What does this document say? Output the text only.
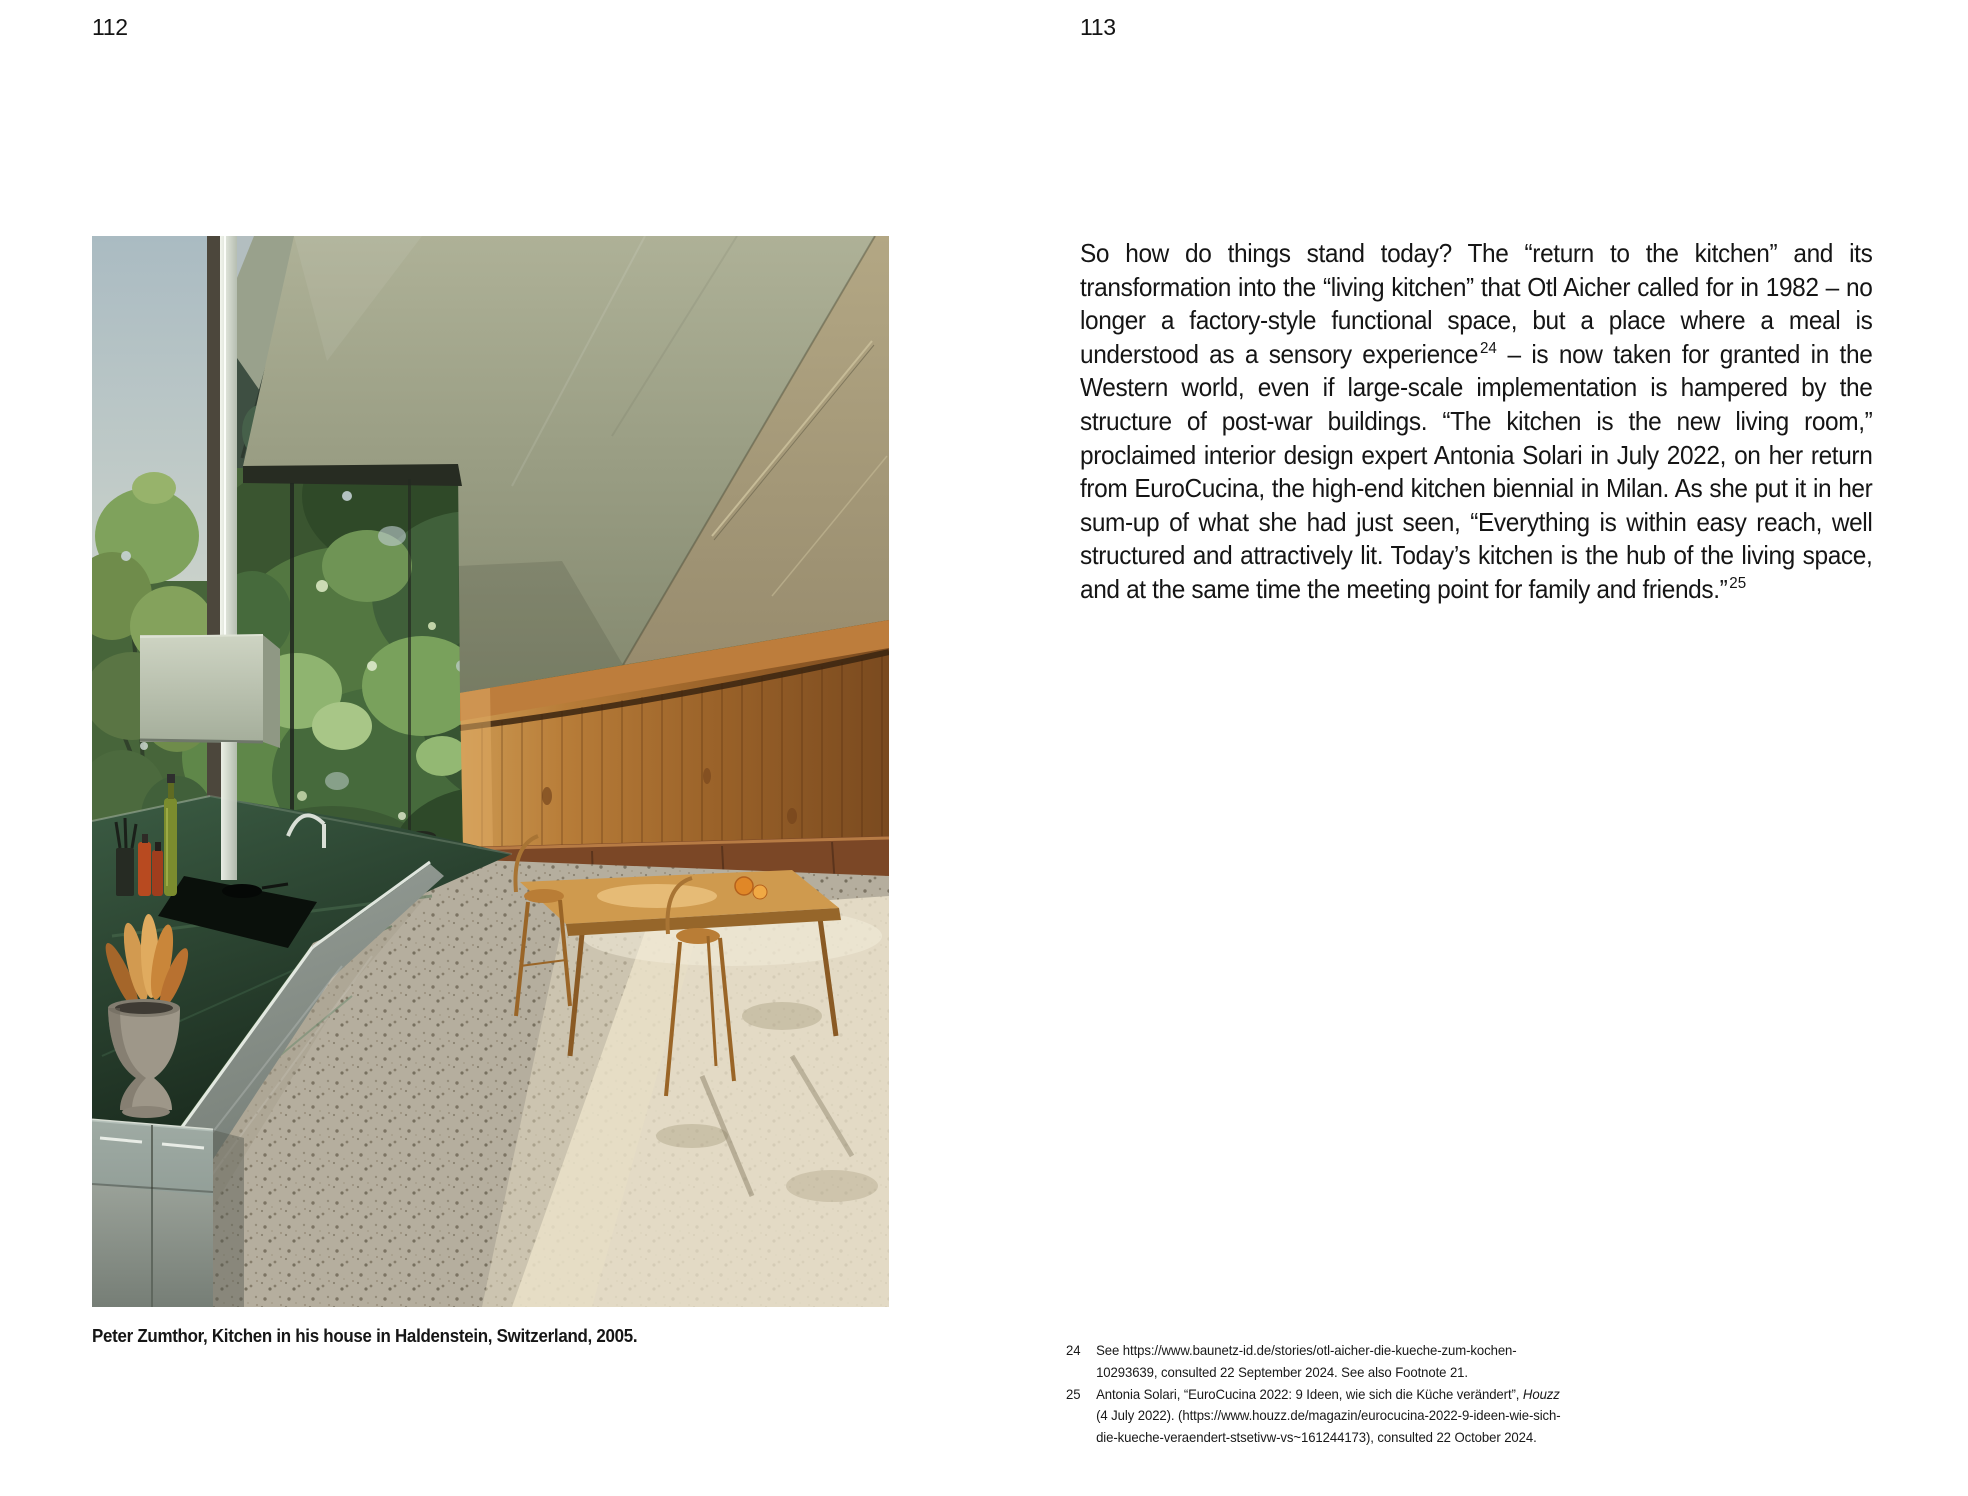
112	113
Peter Zumthor, Kitchen in his house in Haldenstein, Switzerland, 2005.
So how do things stand today? The “return to the kitchen” and its transformation into the “living kitchen” that Otl Aicher called for in 1982 – no longer a factory-style functional space, but a place where a meal is understood as a sensory experience $^{24}$ – is now taken for granted in the Western world, even if large-scale implementation is hampered by the structure of post-war buildings. “The kitchen is the new living room,” proclaimed interior design expert Antonia Solari in July 2022, on her return from EuroCucina, the high-end kitchen biennial in Milan. As she put it in her sum-up of what she had just seen, “Everything is within easy reach, well structured and attractively lit. Today’s kitchen is the hub of the living space, and at the same time the meeting point for family and friends.” $^{25}$
24	See https://www.baunetz-id.de/stories/otl-aicher-die-kueche-zum-kochen-10293639, consulted 22 September 2024. See also Footnote 21.
25	Antonia Solari, “EuroCucina 2022: 9 Ideen, wie sich die Küche verändert”, Houzz (4 July 2022). (https://www.houzz.de/magazin/eurocucina-2022-9-ideen-wie-sich-die-kueche-veraendert-stsetivw-vs~161244173), consulted 22 October 2024.
